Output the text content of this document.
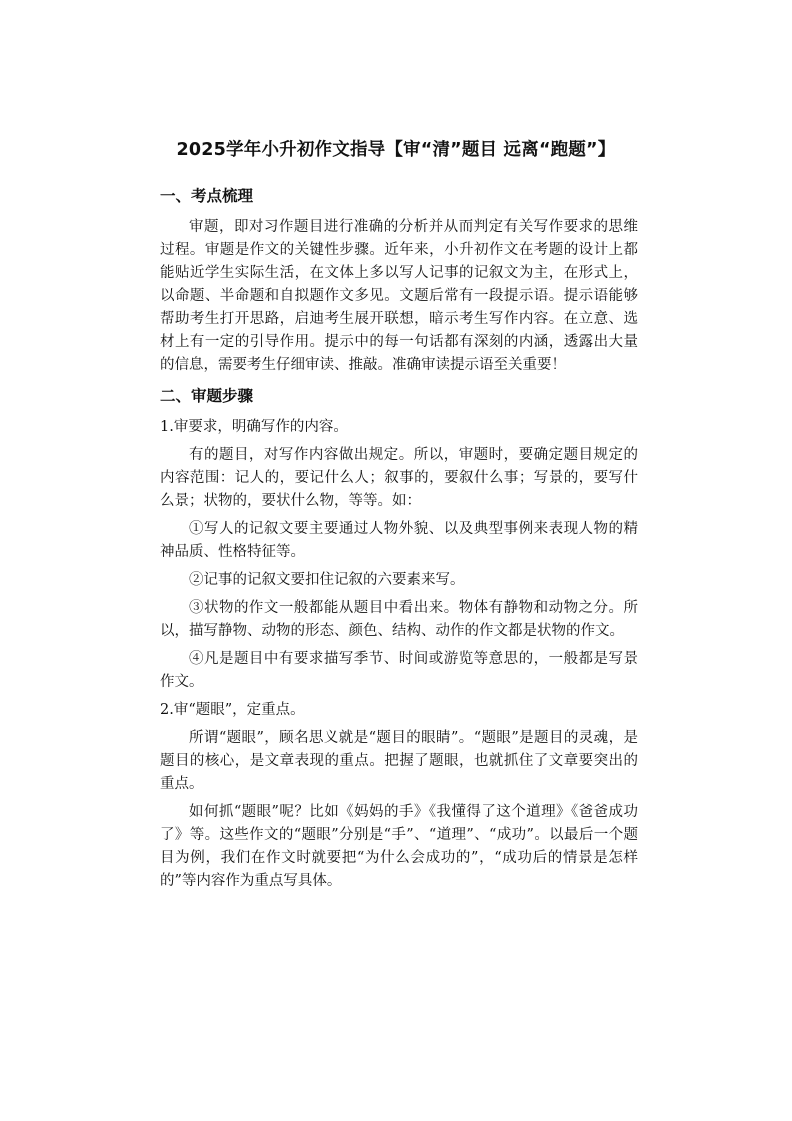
2025学年小升初作文指导【审“清”题目 远离“跑题”】
一、考点梳理

审题，即对习作题目进行准确的分析并从而判定有关写作要求的思维过程。审题是作文的关键性步骤。近年来，小升初作文在考题的设计上都能贴近学生实际生活，在文体上多以写人记事的记叙文为主，在形式上，以命题、半命题和自拟题作文多见。文题后常有一段提示语。提示语能够帮助考生打开思路，启迪考生展开联想，暗示考生写作内容。在立意、选材上有一定的引导作用。提示中的每一句话都有深刻的内涵，透露出大量的信息，需要考生仔细审读、推敲。准确审读提示语至关重要！

二、审题步骤
1.审要求，明确写作的内容。

有的题目，对写作内容做出规定。所以，审题时，要确定题目规定的内容范围：记人的，要记什么人；叙事的，要叙什么事；写景的，要写什么景；状物的，要状什么物，等等。如：

①写人的记叙文要主要通过人物外貌、以及典型事例来表现人物的精神品质、性格特征等。

②记事的记叙文要扣住记叙的六要素来写。

③状物的作文一般都能从题目中看出来。物体有静物和动物之分。所以，描写静物、动物的形态、颜色、结构、动作的作文都是状物的作文。

④凡是题目中有要求描写季节、时间或游览等意思的，一般都是写景作文。

2.审“题眼”，定重点。

所谓“题眼”，顾名思义就是“题目的眼睛”。“题眼”是题目的灵魂，是题目的核心，是文章表现的重点。把握了题眼，也就抓住了文章要突出的重点。

如何抓“题眼”呢？比如《妈妈的手》《我懂得了这个道理》《爸爸成功了》等。这些作文的“题眼”分别是“手”、“道理”、“成功”。以最后一个题目为例，我们在作文时就要把“为什么会成功的”，“成功后的情景是怎样的”等内容作为重点写具体。
